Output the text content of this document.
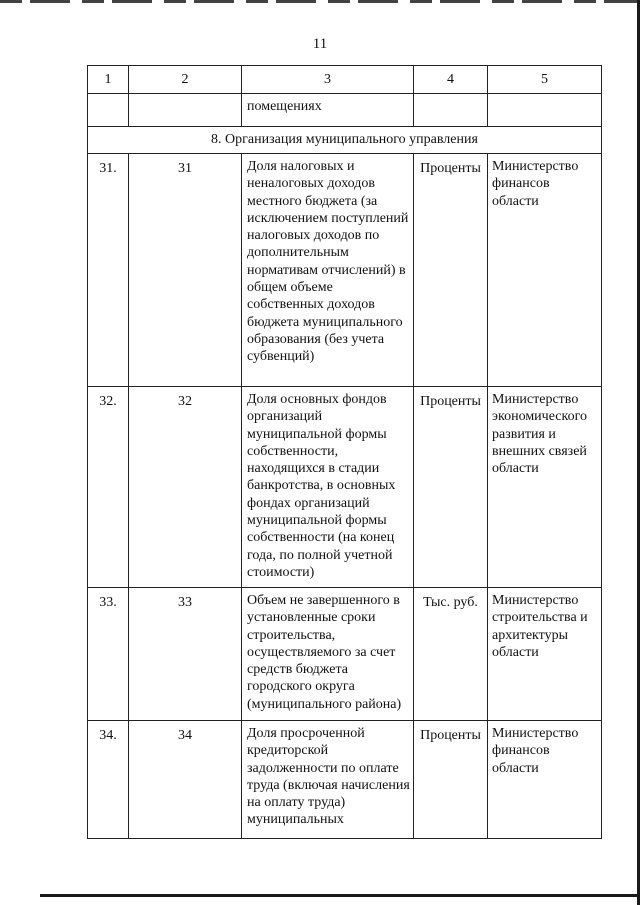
11
1	2	3	4	5
		помещениях		
8. Организация муниципального управления				
31.	31	Доля налоговых и неналоговых доходов местного бюджета (за исключением поступлений налоговых доходов по дополнительным нормативам отчислений) в общем объеме собственных доходов бюджета муниципального образования (без учета субвенций)	Проценты	Министерство финансов области
32.	32	Доля основных фондов организаций муниципальной формы собственности, находящихся в стадии банкротства, в основных фондах организаций муниципальной формы собственности (на конец года, по полной учетной стоимости)	Проценты	Министерство экономического развития и внешних связей области
33.	33	Объем не завершенного в установленные сроки строительства, осуществляемого за счет средств бюджета городского округа (муниципального района)	Тыс. руб.	Министерство строительства и архитектуры области
34.	34	Доля просроченной кредиторской задолженности по оплате труда (включая начисления на оплату труда) муниципальных	Проценты	Министерство финансов области
